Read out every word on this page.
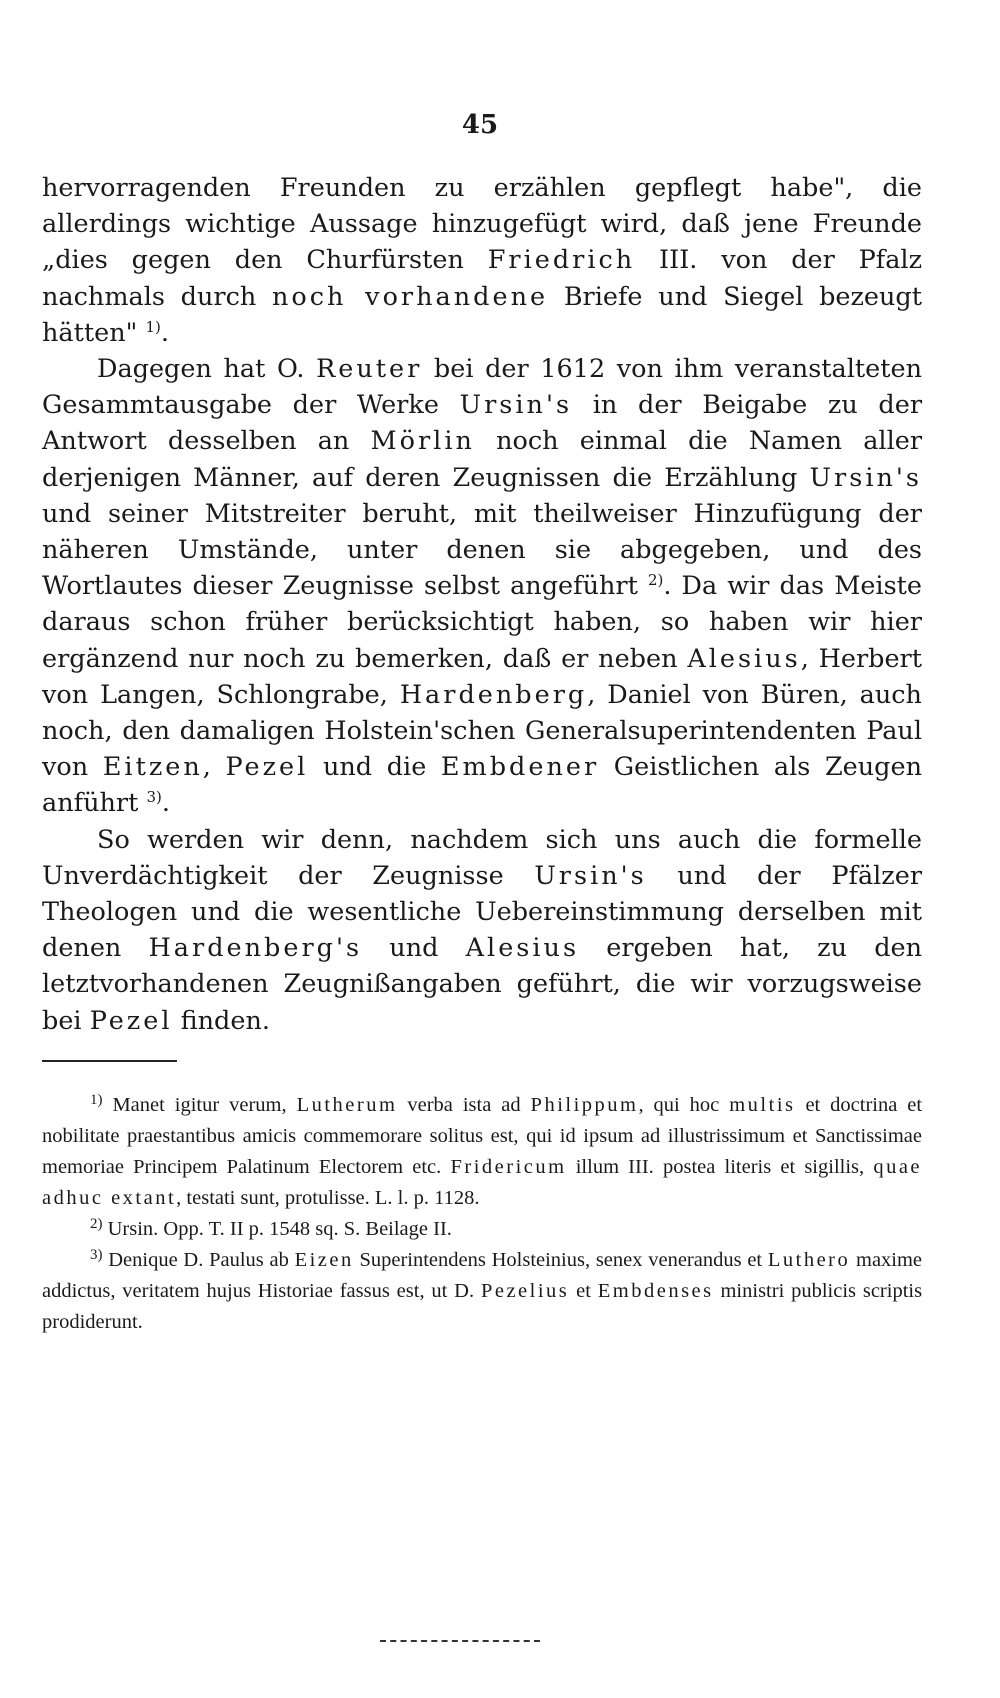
45

hervorragenden Freunden zu erzählen gepflegt habe", die allerdings wichtige Aussage hinzugefügt wird, daß jene Freunde „dies gegen den Churfürsten Friedrich III. von der Pfalz nachmals durch noch vorhandene Briefe und Siegel bezeugt hätten" $^{1)}$.

Dagegen hat O. Reuter bei der 1612 von ihm veranstalteten Gesammtausgabe der Werke Ursin's in der Beigabe zu der Antwort desselben an Mörlin noch einmal die Namen aller derjenigen Männer, auf deren Zeugnissen die Erzählung Ursin's und seiner Mitstreiter beruht, mit theilweiser Hinzufügung der näheren Umstände, unter denen sie abgegeben, und des Wortlautes dieser Zeugnisse selbst angeführt $^{2)}$. Da wir das Meiste daraus schon früher berücksichtigt haben, so haben wir hier ergänzend nur noch zu bemerken, daß er neben Alesius, Herbert von Langen, Schlongrabe, Hardenberg, Daniel von Büren, auch noch, den damaligen Holstein'schen Generalsuperintendenten Paul von Eitzen, Pezel und die Embdener Geistlichen als Zeugen anführt $^{3)}$.

So werden wir denn, nachdem sich uns auch die formelle Unverdächtigkeit der Zeugnisse Ursin's und der Pfälzer Theologen und die wesentliche Uebereinstimmung derselben mit denen Hardenberg's und Alesius ergeben hat, zu den letztvorhandenen Zeugnißangaben geführt, die wir vorzugsweise bei Pezel finden.

$^{1)}$ Manet igitur verum, Lutherum verba ista ad Philippum, qui hoc multis et doctrina et nobilitate praestantibus amicis commemorare solitus est, qui id ipsum ad illustrissimum et Sanctissimae memoriae Principem Palatinum Electorem etc. Fridericum illum III. postea literis et sigillis, quae adhuc extant, testati sunt, protulisse. L. l. p. 1128.

$^{2)}$ Ursin. Opp. T. II p. 1548 sq. S. Beilage II.

$^{3)}$ Denique D. Paulus ab Eizen Superintendens Holsteinius, senex venerandus et Luthero maxime addictus, veritatem hujus Historiae fassus est, ut D. Pezelius et Embdenses ministri publicis scriptis prodiderunt.
